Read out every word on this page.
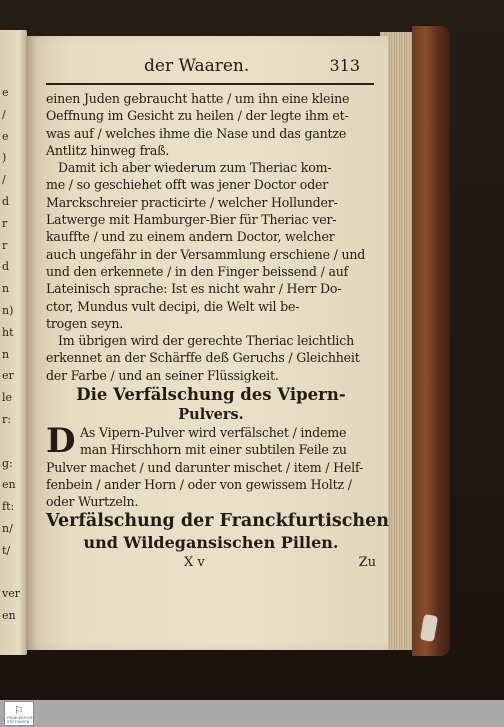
e
/
e
)
/
d
r
r
d
n
n)
ht
n
er
le
r:
g:
en
ft:
n/
t/
ver
en
der Waaren.	313
einen Juden gebraucht hatte / um ihn eine kleine
Oeffnung im Gesicht zu heilen / der legte ihm et-
was auf / welches ihme die Nase und das gantze
Antlitz hinweg fraß.
Damit ich aber wiederum zum Theriac kom-
me / so geschiehet offt was jener Doctor oder
Marckschreier practicirte / welcher Hollunder-
Latwerge mit Hamburger-Bier für Theriac ver-
kauffte / und zu einem andern Doctor, welcher
auch ungefähr in der Versammlung erschiene / und
und den erkennete / in den Finger beissend / auf
Lateinisch sprache: Ist es nicht wahr / Herr Do-
ctor, Mundus vult decipi, die Welt wil be-
trogen seyn.
Im übrigen wird der gerechte Theriac leichtlich
erkennet an der Schärffe deß Geruchs / Gleichheit
der Farbe / und an seiner Flüssigkeit.
Die Verfälschung des Vipern-
Pulvers.
D As Vipern-Pulver wird verfälschet / indeme
man Hirschhorn mit einer subtilen Feile zu
Pulver machet / und darunter mischet / item / Helf-
fenbein / ander Horn / oder von gewissem Holtz /
oder Wurtzeln.
Verfälschung der Franckfurtischen
und Wildegansischen Pillen.
X v	Zu
⚐
FRANCKESCHE
STIFTUNGEN
